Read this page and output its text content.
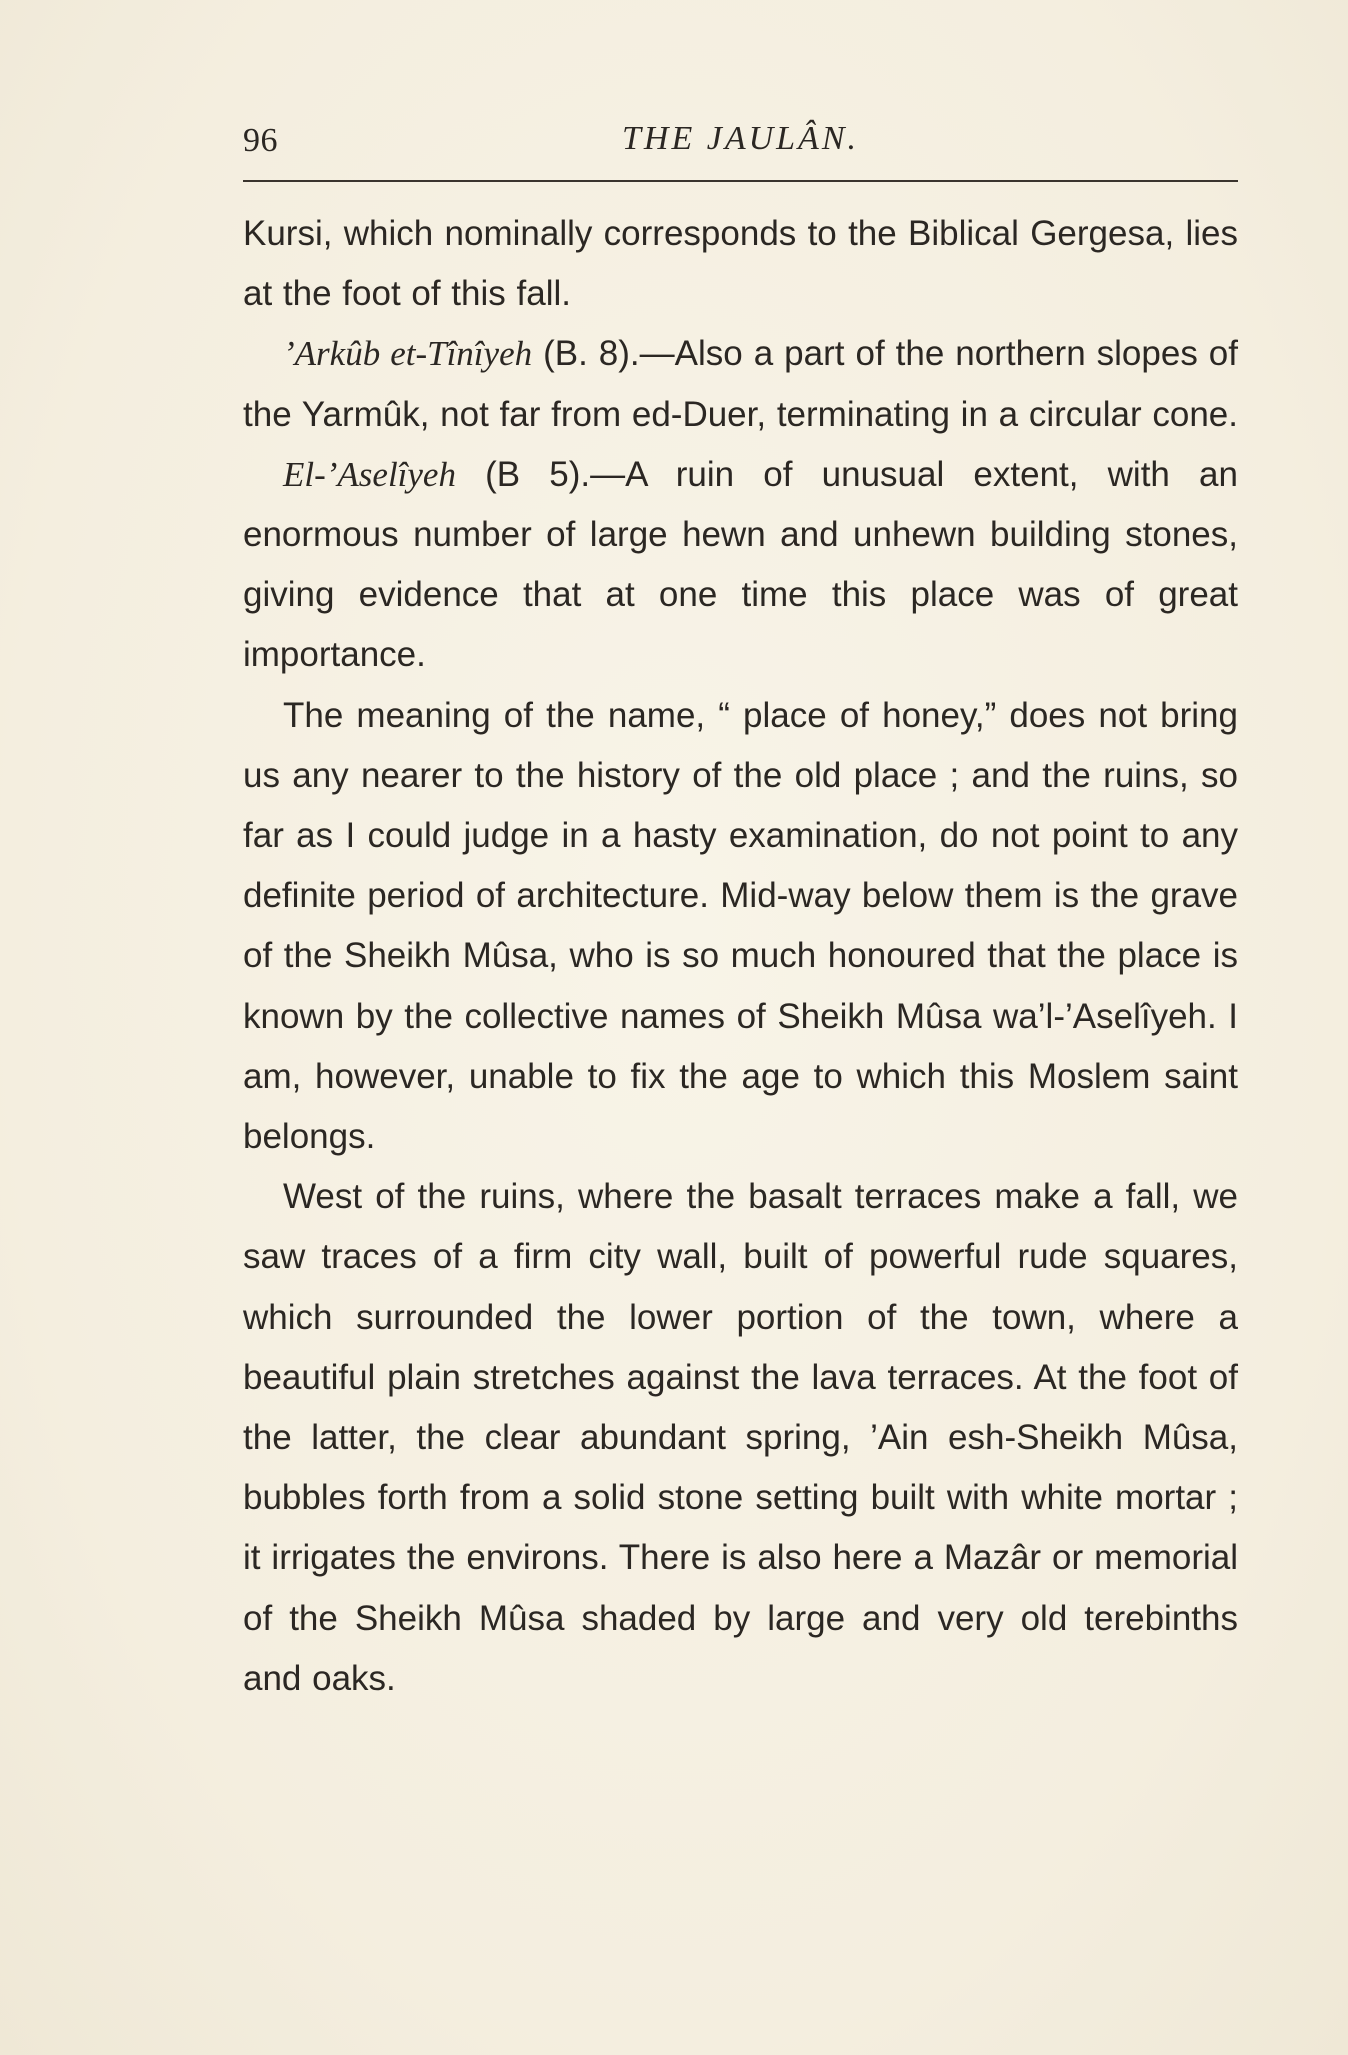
96	THE JAULÂN.

Kursi, which nominally corresponds to the Biblical Gergesa, lies at the foot of this fall.

’Arkûb et-Tînîyeh (B. 8).—Also a part of the northern slopes of the Yarmûk, not far from ed-Duer, terminating in a circular cone.

El-’Aselîyeh (B 5).—A ruin of unusual extent, with an enormous number of large hewn and unhewn building stones, giving evidence that at one time this place was of great importance.

The meaning of the name, “ place of honey,” does not bring us any nearer to the history of the old place ; and the ruins, so far as I could judge in a hasty examination, do not point to any definite period of architecture. Mid-way below them is the grave of the Sheikh Mûsa, who is so much honoured that the place is known by the collective names of Sheikh Mûsa wa’l-’Aselîyeh. I am, however, unable to fix the age to which this Moslem saint belongs.

West of the ruins, where the basalt terraces make a fall, we saw traces of a firm city wall, built of powerful rude squares, which surrounded the lower portion of the town, where a beautiful plain stretches against the lava terraces. At the foot of the latter, the clear abundant spring, ’Ain esh-Sheikh Mûsa, bubbles forth from a solid stone setting built with white mortar ; it irrigates the environs. There is also here a Mazâr or memorial of the Sheikh Mûsa shaded by large and very old terebinths and oaks.
